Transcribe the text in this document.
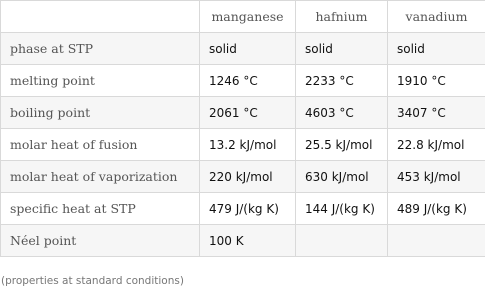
	manganese	hafnium	vanadium
phase at STP	solid	solid	solid
melting point	1246 °C	2233 °C	1910 °C
boiling point	2061 °C	4603 °C	3407 °C
molar heat of fusion	13.2 kJ/mol	25.5 kJ/mol	22.8 kJ/mol
molar heat of vaporization	220 kJ/mol	630 kJ/mol	453 kJ/mol
specific heat at STP	479 J/(kg K)	144 J/(kg K)	489 J/(kg K)
Néel point	100 K		
(properties at standard conditions)
